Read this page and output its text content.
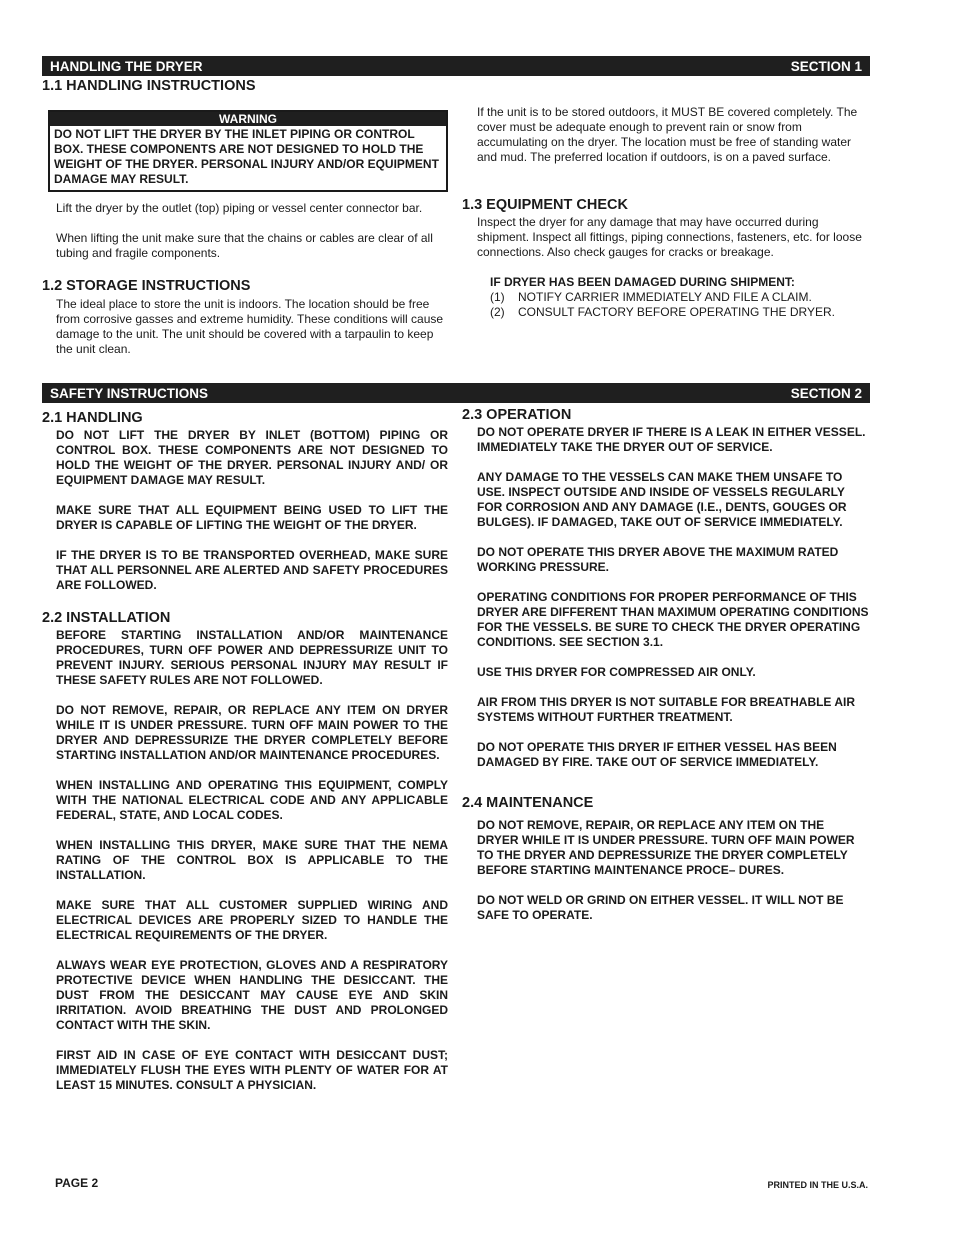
HANDLING THE DRYER	SECTION 1
1.1 HANDLING INSTRUCTIONS

WARNING

DO NOT LIFT THE DRYER BY THE INLET PIPING OR CONTROL BOX. THESE COMPONENTS ARE NOT DESIGNED TO HOLD THE WEIGHT OF THE DRYER. PERSONAL INJURY AND/OR EQUIPMENT DAMAGE MAY RESULT.

Lift the dryer by the outlet (top) piping or vessel center connector bar.

When lifting the unit make sure that the chains or cables are clear of all tubing and fragile components.

1.2 STORAGE INSTRUCTIONS

The ideal place to store the unit is indoors. The location should be free from corrosive gasses and extreme humidity. These conditions will cause damage to the unit. The unit should be covered with a tarpaulin to keep the unit clean.

If the unit is to be stored outdoors, it MUST BE covered completely. The cover must be adequate enough to prevent rain or snow from accumulating on the dryer. The location must be free of standing water and mud. The preferred location if outdoors, is on a paved surface.

1.3 EQUIPMENT CHECK

Inspect the dryer for any damage that may have occurred during shipment. Inspect all fittings, piping connections, fasteners, etc. for loose connections. Also check gauges for cracks or breakage.

IF DRYER HAS BEEN DAMAGED DURING SHIPMENT:
(1)	NOTIFY CARRIER IMMEDIATELY AND FILE A CLAIM.
(2)	CONSULT FACTORY BEFORE OPERATING THE DRYER.
SAFETY INSTRUCTIONS	SECTION 2
2.1 HANDLING

DO NOT LIFT THE DRYER BY INLET (BOTTOM) PIPING OR CONTROL BOX. THESE COMPONENTS ARE NOT DESIGNED TO HOLD THE WEIGHT OF THE DRYER. PERSONAL INJURY AND/ OR EQUIPMENT DAMAGE MAY RESULT.

MAKE SURE THAT ALL EQUIPMENT BEING USED TO LIFT THE DRYER IS CAPABLE OF LIFTING THE WEIGHT OF THE DRYER.

IF THE DRYER IS TO BE TRANSPORTED OVERHEAD, MAKE SURE THAT ALL PERSONNEL ARE ALERTED AND SAFETY PROCEDURES ARE FOLLOWED.

2.2 INSTALLATION

BEFORE STARTING INSTALLATION AND/OR MAINTENANCE PROCEDURES, TURN OFF POWER AND DEPRESSURIZE UNIT TO PREVENT INJURY. SERIOUS PERSONAL INJURY MAY RESULT IF THESE SAFETY RULES ARE NOT FOLLOWED.

DO NOT REMOVE, REPAIR, OR REPLACE ANY ITEM ON DRYER WHILE IT IS UNDER PRESSURE. TURN OFF MAIN POWER TO THE DRYER AND DEPRESSURIZE THE DRYER COMPLETELY BEFORE STARTING INSTALLATION AND/OR MAINTENANCE PROCEDURES.

WHEN INSTALLING AND OPERATING THIS EQUIPMENT, COMPLY WITH THE NATIONAL ELECTRICAL CODE AND ANY APPLICABLE FEDERAL, STATE, AND LOCAL CODES.

WHEN INSTALLING THIS DRYER, MAKE SURE THAT THE NEMA RATING OF THE CONTROL BOX IS APPLICABLE TO THE INSTALLATION.

MAKE SURE THAT ALL CUSTOMER SUPPLIED WIRING AND ELECTRICAL DEVICES ARE PROPERLY SIZED TO HANDLE THE ELECTRICAL REQUIREMENTS OF THE DRYER.

ALWAYS WEAR EYE PROTECTION, GLOVES AND A RESPIRATORY PROTECTIVE DEVICE WHEN HANDLING THE DESICCANT. THE DUST FROM THE DESICCANT MAY CAUSE EYE AND SKIN IRRITATION. AVOID BREATHING THE DUST AND PROLONGED CONTACT WITH THE SKIN.

FIRST AID IN CASE OF EYE CONTACT WITH DESICCANT DUST; IMMEDIATELY FLUSH THE EYES WITH PLENTY OF WATER FOR AT LEAST 15 MINUTES. CONSULT A PHYSICIAN.

2.3 OPERATION

DO NOT OPERATE DRYER IF THERE IS A LEAK IN EITHER VESSEL. IMMEDIATELY TAKE THE DRYER OUT OF SERVICE.

ANY DAMAGE TO THE VESSELS CAN MAKE THEM UNSAFE TO USE. INSPECT OUTSIDE AND INSIDE OF VESSELS REGULARLY FOR CORROSION AND ANY DAMAGE (I.E., DENTS, GOUGES OR BULGES). IF DAMAGED, TAKE OUT OF SERVICE IMMEDIATELY.

DO NOT OPERATE THIS DRYER ABOVE THE MAXIMUM RATED WORKING PRESSURE.

OPERATING CONDITIONS FOR PROPER PERFORMANCE OF THIS DRYER ARE DIFFERENT THAN MAXIMUM OPERATING CONDITIONS FOR THE VESSELS. BE SURE TO CHECK THE DRYER OPERATING CONDITIONS. SEE SECTION 3.1.

USE THIS DRYER FOR COMPRESSED AIR ONLY.

AIR FROM THIS DRYER IS NOT SUITABLE FOR BREATHABLE AIR SYSTEMS WITHOUT FURTHER TREATMENT.

DO NOT OPERATE THIS DRYER IF EITHER VESSEL HAS BEEN DAMAGED BY FIRE. TAKE OUT OF SERVICE IMMEDIATELY.

2.4 MAINTENANCE

DO NOT REMOVE, REPAIR, OR REPLACE ANY ITEM ON THE DRYER WHILE IT IS UNDER PRESSURE. TURN OFF MAIN POWER TO THE DRYER AND DEPRESSURIZE THE DRYER COMPLETELY BEFORE STARTING MAINTENANCE PROCE– DURES.

DO NOT WELD OR GRIND ON EITHER VESSEL. IT WILL NOT BE SAFE TO OPERATE.

PAGE 2	PRINTED IN THE U.S.A.
